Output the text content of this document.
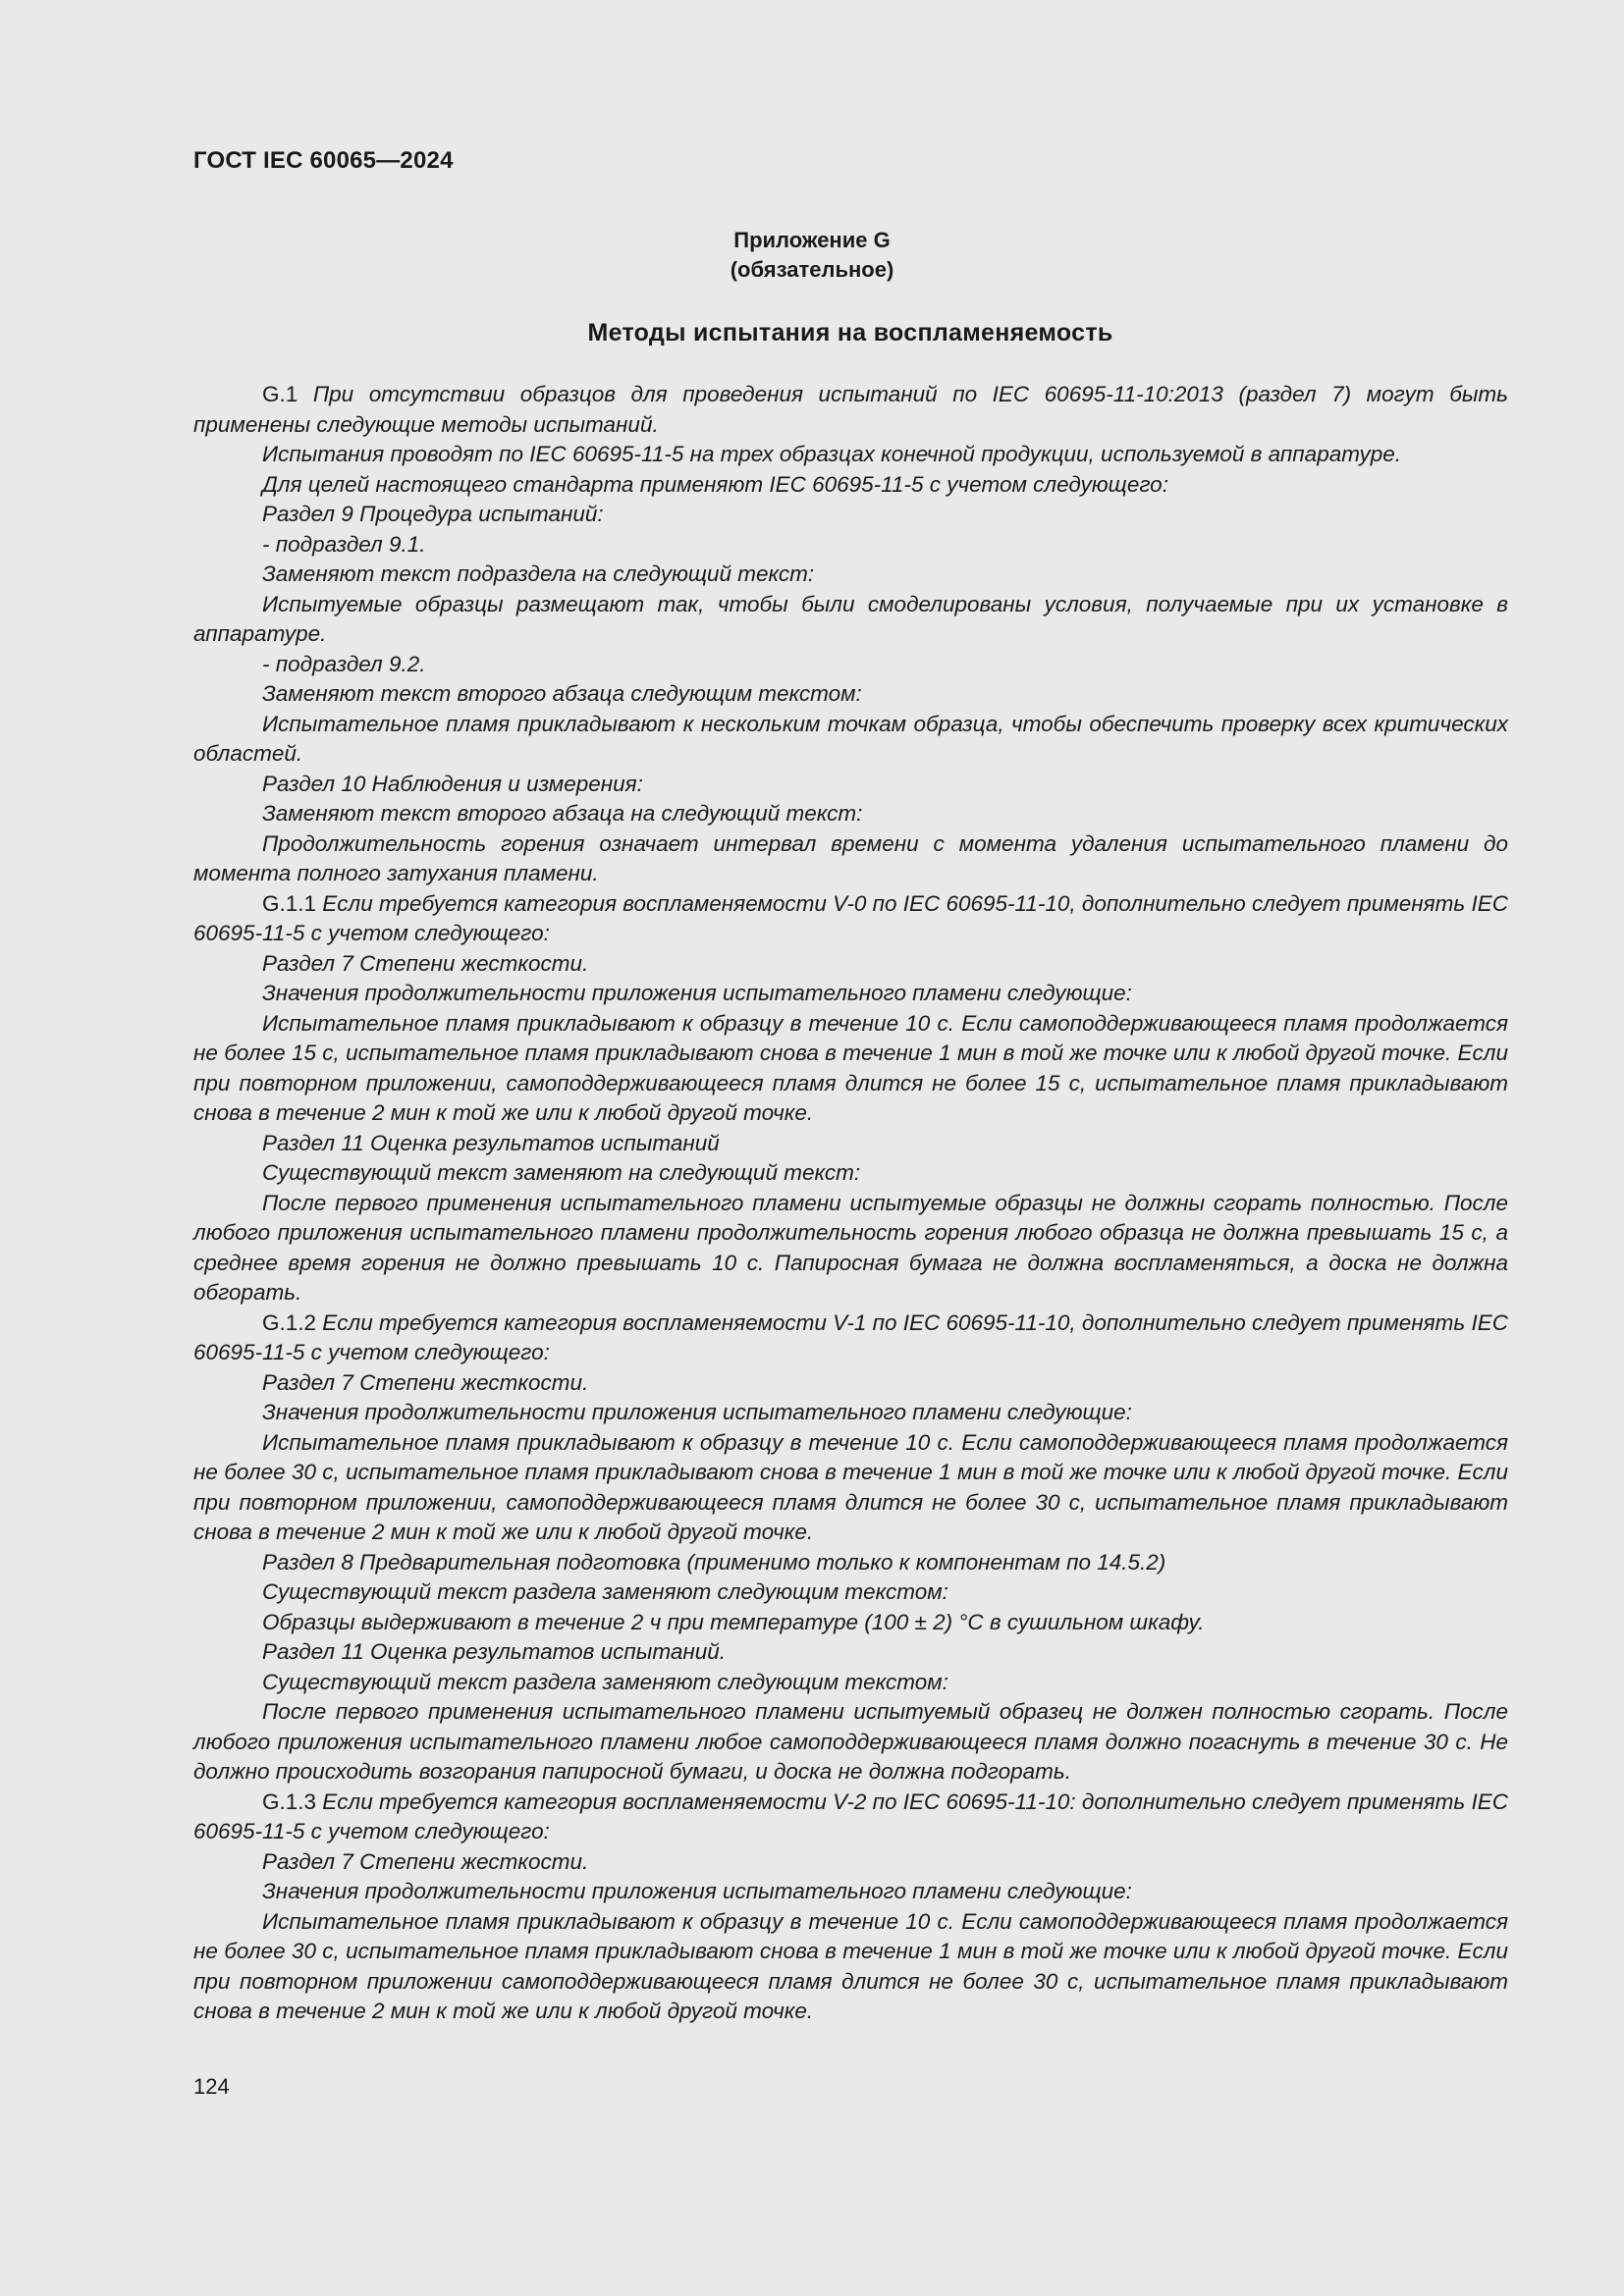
ГОСТ IEC 60065—2024
Приложение G
(обязательное)
Методы испытания на воспламеняемость

G.1 При отсутствии образцов для проведения испытаний по IEC 60695-11-10:2013 (раздел 7) могут быть применены следующие методы испытаний.

Испытания проводят по IEC 60695-11-5 на трех образцах конечной продукции, используемой в аппаратуре.

Для целей настоящего стандарта применяют IEC 60695-11-5 с учетом следующего:

Раздел 9 Процедура испытаний:

- подраздел 9.1.

Заменяют текст подраздела на следующий текст:

Испытуемые образцы размещают так, чтобы были смоделированы условия, получаемые при их установке в аппаратуре.

- подраздел 9.2.

Заменяют текст второго абзаца следующим текстом:

Испытательное пламя прикладывают к нескольким точкам образца, чтобы обеспечить проверку всех критических областей.

Раздел 10 Наблюдения и измерения:

Заменяют текст второго абзаца на следующий текст:

Продолжительность горения означает интервал времени с момента удаления испытательного пламени до момента полного затухания пламени.

G.1.1 Если требуется категория воспламеняемости V-0 по IEC 60695-11-10, дополнительно следует применять IEC 60695-11-5 с учетом следующего:

Раздел 7 Степени жесткости.

Значения продолжительности приложения испытательного пламени следующие:

Испытательное пламя прикладывают к образцу в течение 10 с. Если самоподдерживающееся пламя продолжается не более 15 с, испытательное пламя прикладывают снова в течение 1 мин в той же точке или к любой другой точке. Если при повторном приложении, самоподдерживающееся пламя длится не более 15 с, испытательное пламя прикладывают снова в течение 2 мин к той же или к любой другой точке.

Раздел 11 Оценка результатов испытаний

Существующий текст заменяют на следующий текст:

После первого применения испытательного пламени испытуемые образцы не должны сгорать полностью. После любого приложения испытательного пламени продолжительность горения любого образца не должна превышать 15 с, а среднее время горения не должно превышать 10 с. Папиросная бумага не должна воспламеняться, а доска не должна обгорать.

G.1.2 Если требуется категория воспламеняемости V-1 по IEC 60695-11-10, дополнительно следует применять IEC 60695-11-5 с учетом следующего:

Раздел 7 Степени жесткости.

Значения продолжительности приложения испытательного пламени следующие:

Испытательное пламя прикладывают к образцу в течение 10 с. Если самоподдерживающееся пламя продолжается не более 30 с, испытательное пламя прикладывают снова в течение 1 мин в той же точке или к любой другой точке. Если при повторном приложении, самоподдерживающееся пламя длится не более 30 с, испытательное пламя прикладывают снова в течение 2 мин к той же или к любой другой точке.

Раздел 8 Предварительная подготовка (применимо только к компонентам по 14.5.2)

Существующий текст раздела заменяют следующим текстом:

Образцы выдерживают в течение 2 ч при температуре (100 ± 2) °С в сушильном шкафу.

Раздел 11 Оценка результатов испытаний.

Существующий текст раздела заменяют следующим текстом:

После первого применения испытательного пламени испытуемый образец не должен полностью сгорать. После любого приложения испытательного пламени любое самоподдерживающееся пламя должно погаснуть в течение 30 с. Не должно происходить возгорания папиросной бумаги, и доска не должна подгорать.

G.1.3 Если требуется категория воспламеняемости V-2 по IEC 60695-11-10: дополнительно следует применять IEC 60695-11-5 с учетом следующего:

Раздел 7 Степени жесткости.

Значения продолжительности приложения испытательного пламени следующие:

Испытательное пламя прикладывают к образцу в течение 10 с. Если самоподдерживающееся пламя продолжается не более 30 с, испытательное пламя прикладывают снова в течение 1 мин в той же точке или к любой другой точке. Если при повторном приложении самоподдерживающееся пламя длится не более 30 с, испытательное пламя прикладывают снова в течение 2 мин к той же или к любой другой точке.

124
